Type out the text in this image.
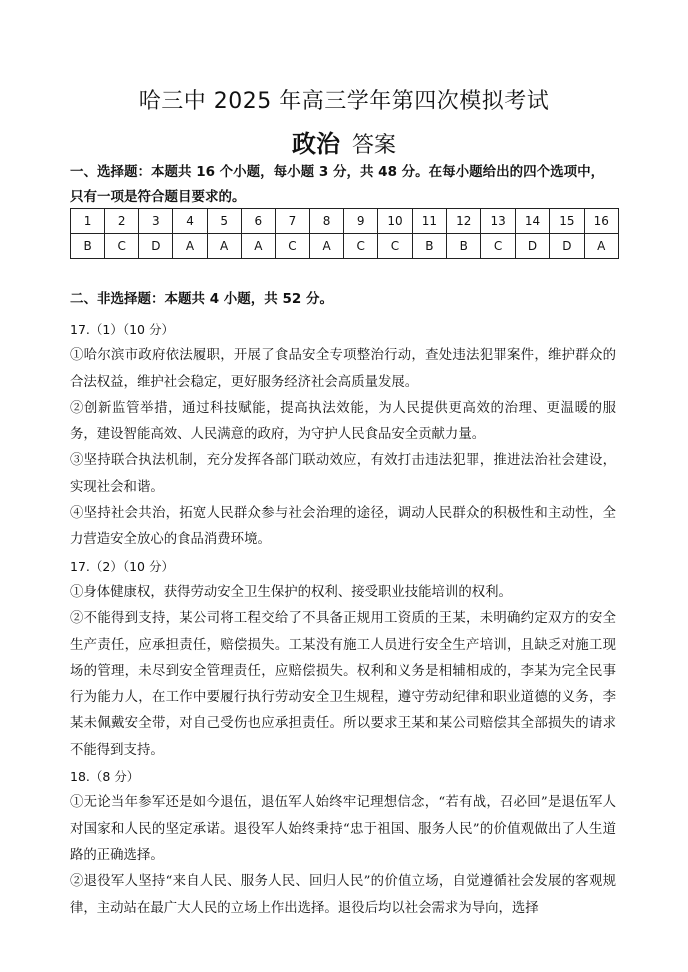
哈三中 2025 年高三学年第四次模拟考试
政治 答案
一、选择题：本题共 16 个小题，每小题 3 分，共 48 分。在每小题给出的四个选项中，
只有一项是符合题目要求的。
1	2	3	4	5	6	7	8	9	10	11	12	13	14	15	16
B	C	D	A	A	A	C	A	C	C	B	B	C	D	D	A
二、非选择题：本题共 4 小题，共 52 分。

17.（1）（10 分）

①哈尔滨市政府依法履职，开展了食品安全专项整治行动，查处违法犯罪案件，维护群众的合法权益，维护社会稳定，更好服务经济社会高质量发展。

②创新监管举措，通过科技赋能，提高执法效能，为人民提供更高效的治理、更温暖的服务，建设智能高效、人民满意的政府，为守护人民食品安全贡献力量。

③坚持联合执法机制，充分发挥各部门联动效应，有效打击违法犯罪，推进法治社会建设，实现社会和谐。

④坚持社会共治，拓宽人民群众参与社会治理的途径，调动人民群众的积极性和主动性，全力营造安全放心的食品消费环境。

17.（2）（10 分）

①身体健康权，获得劳动安全卫生保护的权利、接受职业技能培训的权利。

②不能得到支持，某公司将工程交给了不具备正规用工资质的王某，未明确约定双方的安全生产责任，应承担责任，赔偿损失。工某没有施工人员进行安全生产培训，且缺乏对施工现场的管理，未尽到安全管理责任，应赔偿损失。权利和义务是相辅相成的，李某为完全民事行为能力人，在工作中要履行执行劳动安全卫生规程，遵守劳动纪律和职业道德的义务，李某未佩戴安全带，对自己受伤也应承担责任。所以要求王某和某公司赔偿其全部损失的请求不能得到支持。

18.（8 分）

①无论当年参军还是如今退伍，退伍军人始终牢记理想信念，“若有战，召必回”是退伍军人对国家和人民的坚定承诺。退役军人始终秉持“忠于祖国、服务人民”的价值观做出了人生道路的正确选择。

②退役军人坚持“来自人民、服务人民、回归人民”的价值立场，自觉遵循社会发展的客观规律，主动站在最广大人民的立场上作出选择。退役后均以社会需求为导向，选择
